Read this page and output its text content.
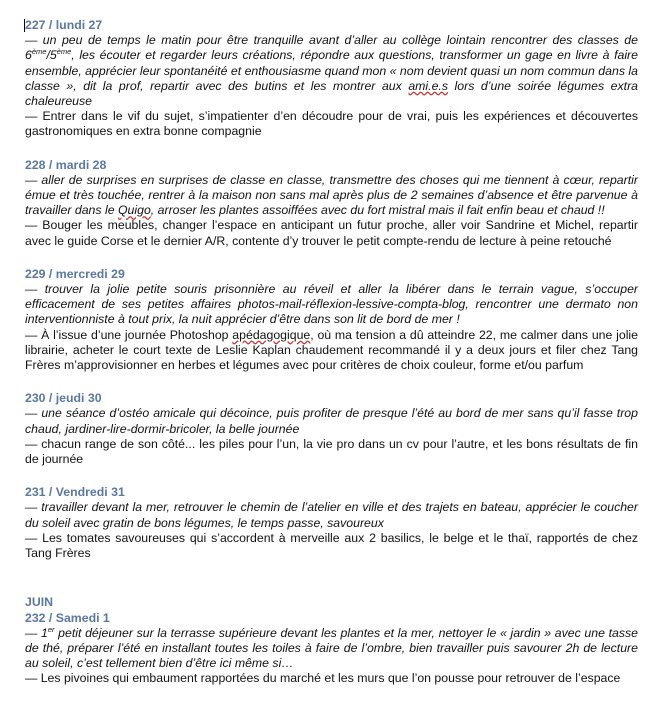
227 / lundi 27

— un peu de temps le matin pour être tranquille avant d’aller au collège lointain rencontrer des classes de 6ème/5ème, les écouter et regarder leurs créations, répondre aux questions, transformer un gage en livre à faire ensemble, apprécier leur spontanéité et enthousiasme quand mon « nom devient quasi un nom commun dans la classe », dit la prof, repartir avec des butins et les montrer aux ami.e.s lors d’une soirée légumes extra chaleureuse

— Entrer dans le vif du sujet, s’impatienter d’en découdre pour de vrai, puis les expériences et découvertes gastronomiques en extra bonne compagnie

228 / mardi 28

— aller de surprises en surprises de classe en classe, transmettre des choses qui me tiennent à cœur, repartir émue et très touchée, rentrer à la maison non sans mal après plus de 2 semaines d’absence et être parvenue à travailler dans le Quigo, arroser les plantes assoiffées avec du fort mistral mais il fait enfin beau et chaud !!

— Bouger les meubles, changer l’espace en anticipant un futur proche, aller voir Sandrine et Michel, repartir avec le guide Corse et le dernier A/R, contente d’y trouver le petit compte-rendu de lecture à peine retouché

229 / mercredi 29

— trouver la jolie petite souris prisonnière au réveil et aller la libérer dans le terrain vague, s’occuper efficacement de ses petites affaires photos-mail-réflexion-lessive-compta-blog, rencontrer une dermato non interventionniste à tout prix, la nuit apprécier d’être dans son lit de bord de mer !

— À l’issue d’une journée Photoshop apédagogique, où ma tension a dû atteindre 22, me calmer dans une jolie librairie, acheter le court texte de Leslie Kaplan chaudement recommandé il y a deux jours et filer chez Tang Frères m’approvisionner en herbes et légumes avec pour critères de choix couleur, forme et/ou parfum

230 / jeudi 30

— une séance d’ostéo amicale qui décoince, puis profiter de presque l’été au bord de mer sans qu’il fasse trop chaud, jardiner-lire-dormir-bricoler, la belle journée

— chacun range de son côté... les piles pour l’un, la vie pro dans un cv pour l’autre, et les bons résultats de fin de journée

231 / Vendredi 31

— travailler devant la mer, retrouver le chemin de l’atelier en ville et des trajets en bateau, apprécier le coucher du soleil avec gratin de bons légumes, le temps passe, savoureux

— Les tomates savoureuses qui s’accordent à merveille aux 2 basilics, le belge et le thaï, rapportés de chez Tang Frères

JUIN

232 / Samedi 1

— 1er petit déjeuner sur la terrasse supérieure devant les plantes et la mer, nettoyer le « jardin » avec une tasse de thé, préparer l’été en installant toutes les toiles à faire de l’ombre, bien travailler puis savourer 2h de lecture au soleil, c’est tellement bien d’être ici même si…

— Les pivoines qui embaument rapportées du marché et les murs que l’on pousse pour retrouver de l’espace
